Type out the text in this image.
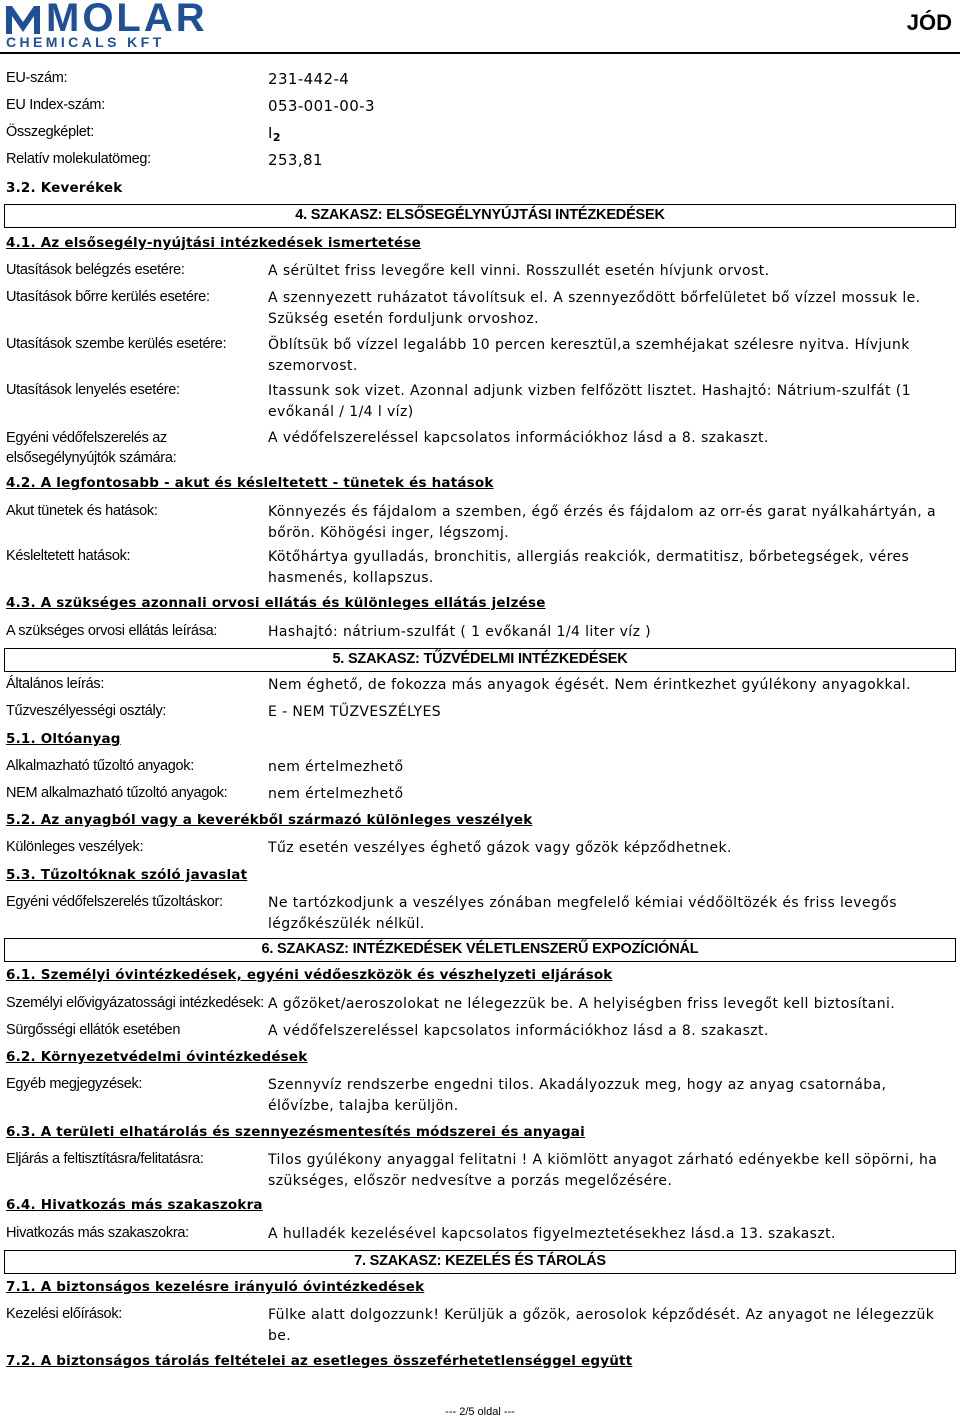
MOLAR
CHEMICALS KFT
JÓD
EU-szám:	231-442-4
EU Index-szám:	053-001-00-3
Összegképlet:	$I_2$
Relatív molekulatömeg:	253,81
3.2. Keverékek
4. SZAKASZ: ELSŐSEGÉLYNYÚJTÁSI INTÉZKEDÉSEK
4.1. Az elsősegély-nyújtási intézkedések ismertetése
Utasítások belégzés esetére:	A sérültet friss levegőre kell vinni. Rosszullét esetén hívjunk orvost.
Utasítások bőrre kerülés esetére:	A szennyezett ruházatot távolítsuk el. A szennyeződött bőrfelületet bő vízzel mossuk le. Szükség esetén forduljunk orvoshoz.
Utasítások szembe kerülés esetére:	Öblítsük bő vízzel legalább 10 percen keresztül,a szemhéjakat szélesre nyitva. Hívjunk szemorvost.
Utasítások lenyelés esetére:	Itassunk sok vizet. Azonnal adjunk vizben felfőzött lisztet. Hashajtó: Nátrium-szulfát (1 evőkanál / 1/4 l víz)
Egyéni védőfelszerelés az elsősegélynyújtók számára:
A védőfelszereléssel kapcsolatos információkhoz lásd a 8. szakaszt.
4.2. A legfontosabb - akut és késleltetett - tünetek és hatások
Akut tünetek és hatások:	Könnyezés és fájdalom a szemben, égő érzés és fájdalom az orr-és garat nyálkahártyán, a bőrön. Köhögési inger, légszomj.
Késleltetett hatások:	Kötőhártya gyulladás, bronchitis, allergiás reakciók, dermatitisz, bőrbetegségek, véres hasmenés, kollapszus.
4.3. A szükséges azonnali orvosi ellátás és különleges ellátás jelzése
A szükséges orvosi ellátás leírása:	Hashajtó: nátrium-szulfát ( 1 evőkanál 1/4 liter víz )
5. SZAKASZ: TŰZVÉDELMI INTÉZKEDÉSEK
Általános leírás:	Nem éghető, de fokozza más anyagok égését. Nem érintkezhet gyúlékony anyagokkal.
Tűzveszélyességi osztály:	E - NEM TŰZVESZÉLYES
5.1. Oltóanyag
Alkalmazható tűzoltó anyagok:	nem értelmezhető
NEM alkalmazható tűzoltó anyagok:	nem értelmezhető
5.2. Az anyagból vagy a keverékből származó különleges veszélyek
Különleges veszélyek:	Tűz esetén veszélyes éghető gázok vagy gőzök képződhetnek.
5.3. Tűzoltóknak szóló javaslat
Egyéni védőfelszerelés tűzoltáskor:	Ne tartózkodjunk a veszélyes zónában megfelelő kémiai védőöltözék és friss levegős légzőkészülék nélkül.
6. SZAKASZ: INTÉZKEDÉSEK VÉLETLENSZERŰ EXPOZÍCIÓNÁL
6.1. Személyi óvintézkedések, egyéni védőeszközök és vészhelyzeti eljárások
Személyi elővigyázatossági intézkedések: A gőzöket/aeroszolokat ne lélegezzük be. A helyiségben friss levegőt kell biztosítani.
Sürgősségi ellátók esetében	A védőfelszereléssel kapcsolatos információkhoz lásd a 8. szakaszt.
6.2. Környezetvédelmi óvintézkedések
Egyéb megjegyzések:	Szennyvíz rendszerbe engedni tilos. Akadályozzuk meg, hogy az anyag csatornába, élővízbe, talajba kerüljön.
6.3. A területi elhatárolás és szennyezésmentesítés módszerei és anyagai
Eljárás a feltisztításra/felitatásra:	Tilos gyúlékony anyaggal felitatni ! A kiömlött anyagot zárható edényekbe kell söpörni, ha szükséges, először nedvesítve a porzás megelőzésére.
6.4. Hivatkozás más szakaszokra
Hivatkozás más szakaszokra:	A hulladék kezelésével kapcsolatos figyelmeztetésekhez lásd.a 13. szakaszt.
7. SZAKASZ: KEZELÉS ÉS TÁROLÁS
7.1. A biztonságos kezelésre irányuló óvintézkedések
Kezelési előírások:	Fülke alatt dolgozzunk! Kerüljük a gőzök, aerosolok képződését. Az anyagot ne lélegezzük be.
7.2. A biztonságos tárolás feltételei az esetleges összeférhetetlenséggel együtt
--- 2/5 oldal ---
